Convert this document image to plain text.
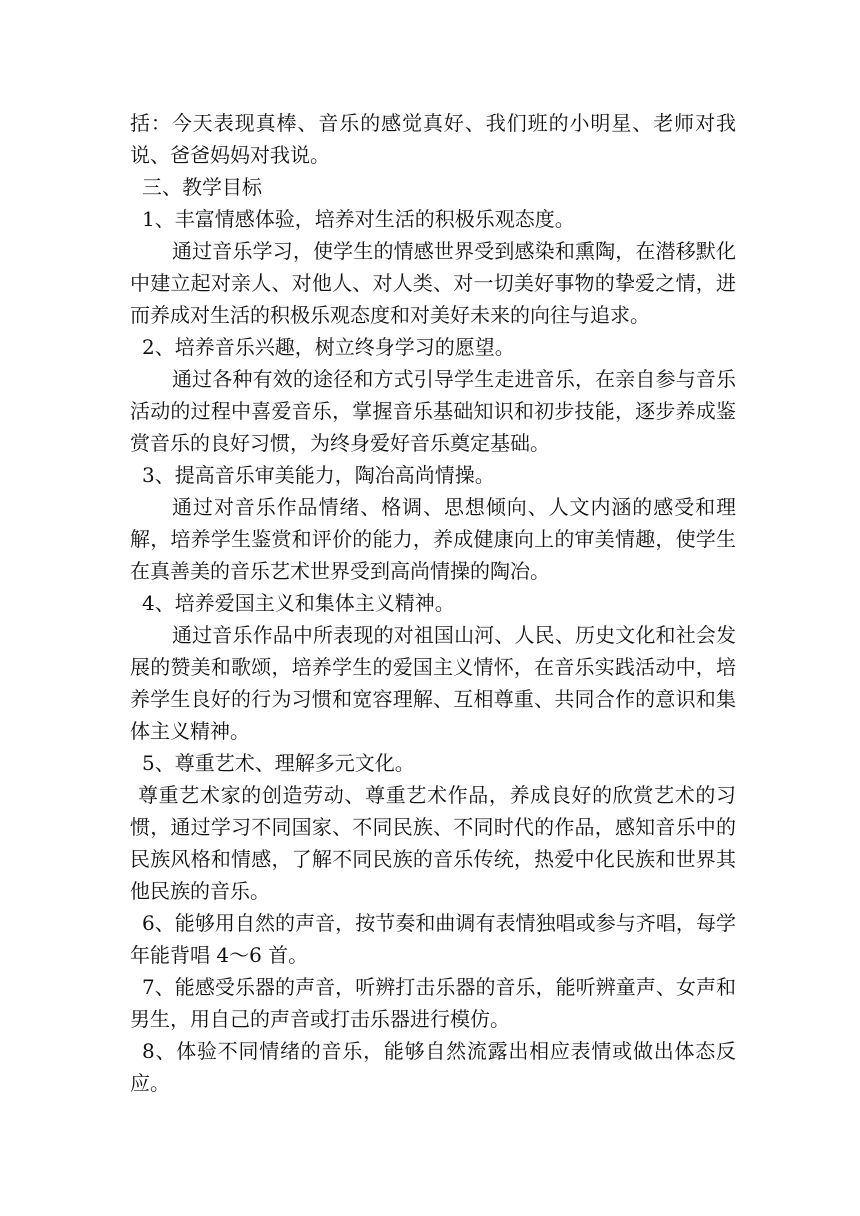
括：今天表现真棒、音乐的感觉真好、我们班的小明星、老师对我说、爸爸妈妈对我说。

三、教学目标

1、丰富情感体验，培养对生活的积极乐观态度。

通过音乐学习，使学生的情感世界受到感染和熏陶，在潜移默化中建立起对亲人、对他人、对人类、对一切美好事物的挚爱之情，进而养成对生活的积极乐观态度和对美好未来的向往与追求。

2、培养音乐兴趣，树立终身学习的愿望。

通过各种有效的途径和方式引导学生走进音乐，在亲自参与音乐活动的过程中喜爱音乐，掌握音乐基础知识和初步技能，逐步养成鉴赏音乐的良好习惯，为终身爱好音乐奠定基础。

3、提高音乐审美能力，陶冶高尚情操。

通过对音乐作品情绪、格调、思想倾向、人文内涵的感受和理解，培养学生鉴赏和评价的能力，养成健康向上的审美情趣，使学生在真善美的音乐艺术世界受到高尚情操的陶冶。

4、培养爱国主义和集体主义精神。

通过音乐作品中所表现的对祖国山河、人民、历史文化和社会发展的赞美和歌颂，培养学生的爱国主义情怀，在音乐实践活动中，培养学生良好的行为习惯和宽容理解、互相尊重、共同合作的意识和集体主义精神。

5、尊重艺术、理解多元文化。

尊重艺术家的创造劳动、尊重艺术作品，养成良好的欣赏艺术的习惯，通过学习不同国家、不同民族、不同时代的作品，感知音乐中的民族风格和情感，了解不同民族的音乐传统，热爱中化民族和世界其他民族的音乐。

6、能够用自然的声音，按节奏和曲调有表情独唱或参与齐唱，每学年能背唱 4～6 首。

7、能感受乐器的声音，听辨打击乐器的音乐，能听辨童声、女声和男生，用自己的声音或打击乐器进行模仿。

8、体验不同情绪的音乐，能够自然流露出相应表情或做出体态反应。
